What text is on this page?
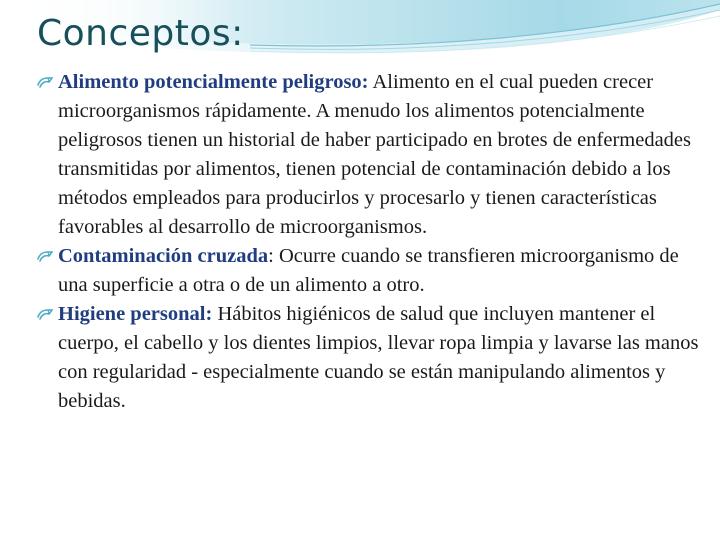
Conceptos:

Alimento potencialmente peligroso: Alimento en el cual pueden crecer microorganismos rápidamente. A menudo los alimentos potencialmente peligrosos tienen un historial de haber participado en brotes de enfermedades transmitidas por alimentos, tienen potencial de contaminación debido a los métodos empleados para producirlos y procesarlo y tienen características favorables al desarrollo de microorganismos.

Contaminación cruzada: Ocurre cuando se transfieren microorganismo de una superficie a otra o de un alimento a otro.

Higiene personal: Hábitos higiénicos de salud que incluyen mantener el cuerpo, el cabello y los dientes limpios, llevar ropa limpia y lavarse las manos con regularidad - especialmente cuando se están manipulando alimentos y bebidas.
